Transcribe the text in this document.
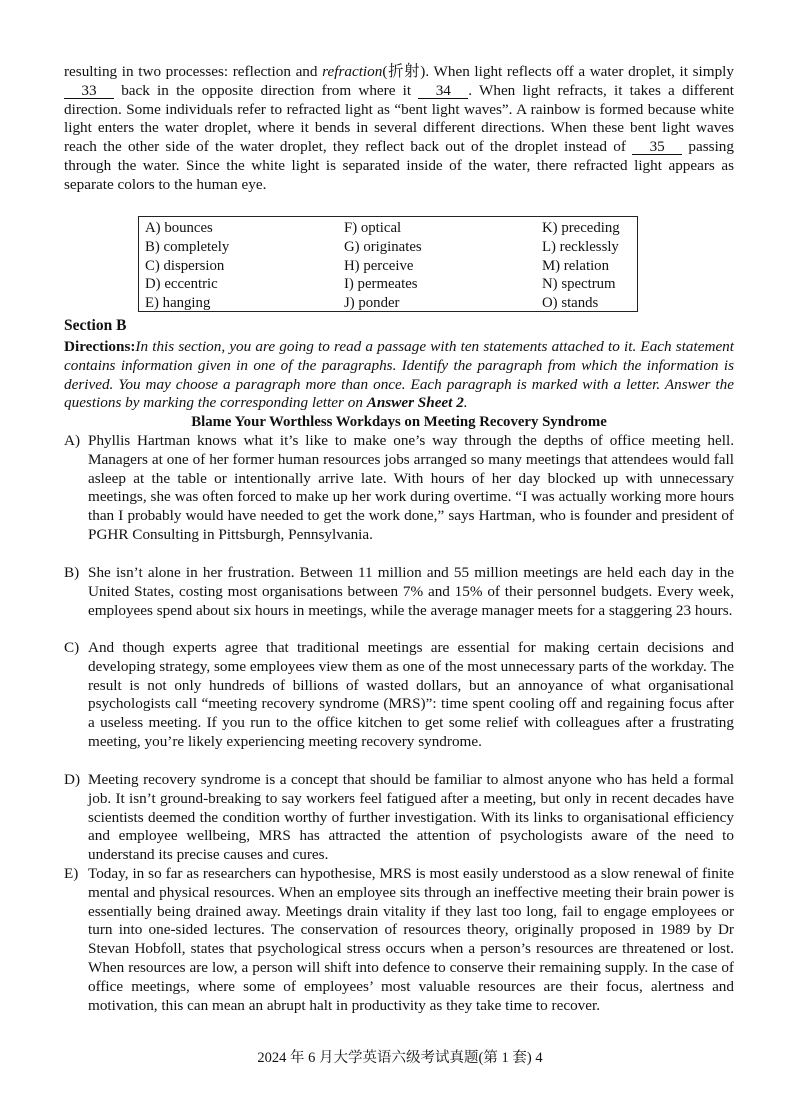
resulting in two processes: reflection and refraction(折射). When light reflects off a water droplet, it simply 33 back in the opposite direction from where it 34 . When light refracts, it takes a different direction. Some individuals refer to refracted light as “bent light waves”. A rainbow is formed because white light enters the water droplet, where it bends in several different directions. When these bent light waves reach the other side of the water droplet, they reflect back out of the droplet instead of 35 passing through the water. Since the white light is separated inside of the water, there refracted light appears as separate colors to the human eye.

A) bounces	F) optical	K) preceding
B) completely	G) originates	L) recklessly
C) dispersion	H) perceive	M) relation
D) eccentric	I) permeates	N) spectrum
E) hanging	J) ponder	O) stands
Section B
Directions:In this section, you are going to read a passage with ten statements attached to it. Each statement contains information given in one of the paragraphs. Identify the paragraph from which the information is derived. You may choose a paragraph more than once. Each paragraph is marked with a letter. Answer the questions by marking the corresponding letter on Answer Sheet 2.
Blame Your Worthless Workdays on Meeting Recovery Syndrome
A) Phyllis Hartman knows what it’s like to make one’s way through the depths of office meeting hell. Managers at one of her former human resources jobs arranged so many meetings that attendees would fall asleep at the table or intentionally arrive late. With hours of her day blocked up with unnecessary meetings, she was often forced to make up her work during overtime. “I was actually working more hours than I probably would have needed to get the work done,” says Hartman, who is founder and president of PGHR Consulting in Pittsburgh, Pennsylvania.
B) She isn’t alone in her frustration. Between 11 million and 55 million meetings are held each day in the United States, costing most organisations between 7% and 15% of their personnel budgets. Every week, employees spend about six hours in meetings, while the average manager meets for a staggering 23 hours.
C) And though experts agree that traditional meetings are essential for making certain decisions and developing strategy, some employees view them as one of the most unnecessary parts of the workday. The result is not only hundreds of billions of wasted dollars, but an annoyance of what organisational psychologists call “meeting recovery syndrome (MRS)”: time spent cooling off and regaining focus after a useless meeting. If you run to the office kitchen to get some relief with colleagues after a frustrating meeting, you’re likely experiencing meeting recovery syndrome.
D) Meeting recovery syndrome is a concept that should be familiar to almost anyone who has held a formal job. It isn’t ground-breaking to say workers feel fatigued after a meeting, but only in recent decades have scientists deemed the condition worthy of further investigation. With its links to organisational efficiency and employee wellbeing, MRS has attracted the attention of psychologists aware of the need to understand its precise causes and cures.
E) Today, in so far as researchers can hypothesise, MRS is most easily understood as a slow renewal of finite mental and physical resources. When an employee sits through an ineffective meeting their brain power is essentially being drained away. Meetings drain vitality if they last too long, fail to engage employees or turn into one-sided lectures. The conservation of resources theory, originally proposed in 1989 by Dr Stevan Hobfoll, states that psychological stress occurs when a person’s resources are threatened or lost. When resources are low, a person will shift into defence to conserve their remaining supply. In the case of office meetings, where some of employees’ most valuable resources are their focus, alertness and motivation, this can mean an abrupt halt in productivity as they take time to recover.
2024 年 6 月大学英语六级考试真题(第 1 套) 4
